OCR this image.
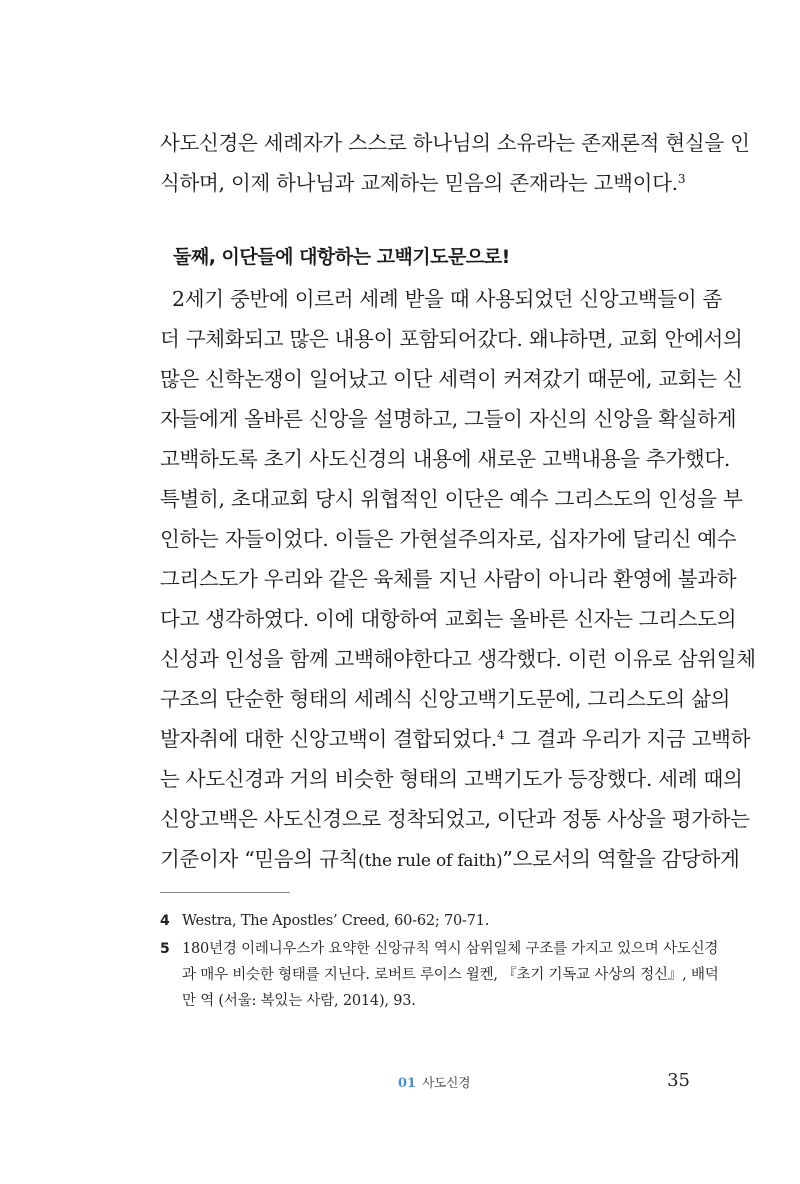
사도신경은 세례자가 스스로 하나님의 소유라는 존재론적 현실을 인
식하며, 이제 하나님과 교제하는 믿음의 존재라는 고백이다.$^3$
둘째, 이단들에 대항하는 고백기도문으로!
2세기 중반에 이르러 세례 받을 때 사용되었던 신앙고백들이 좀
더 구체화되고 많은 내용이 포함되어갔다. 왜냐하면, 교회 안에서의
많은 신학논쟁이 일어났고 이단 세력이 커져갔기 때문에, 교회는 신
자들에게 올바른 신앙을 설명하고, 그들이 자신의 신앙을 확실하게
고백하도록 초기 사도신경의 내용에 새로운 고백내용을 추가했다.
특별히, 초대교회 당시 위협적인 이단은 예수 그리스도의 인성을 부
인하는 자들이었다. 이들은 가현설주의자로, 십자가에 달리신 예수
그리스도가 우리와 같은 육체를 지닌 사람이 아니라 환영에 불과하
다고 생각하였다. 이에 대항하여 교회는 올바른 신자는 그리스도의
신성과 인성을 함께 고백해야한다고 생각했다. 이런 이유로 삼위일체
구조의 단순한 형태의 세례식 신앙고백기도문에, 그리스도의 삶의
발자취에 대한 신앙고백이 결합되었다.$^4$ 그 결과 우리가 지금 고백하
는 사도신경과 거의 비슷한 형태의 고백기도가 등장했다. 세례 때의
신앙고백은 사도신경으로 정착되었고, 이단과 정통 사상을 평가하는
기준이자 “믿음의 규칙(the rule of faith)”으로서의 역할을 감당하게
4 Westra, The Apostles’ Creed, 60-62; 70-71.
5 180년경 이레니우스가 요약한 신앙규칙 역시 삼위일체 구조를 가지고 있으며 사도신경
과 매우 비슷한 형태를 지닌다. 로버트 루이스 윌켄, 『초기 기독교 사상의 정신』, 배덕
만 역 (서울: 복있는 사람, 2014), 93.
01 사도신경	35
